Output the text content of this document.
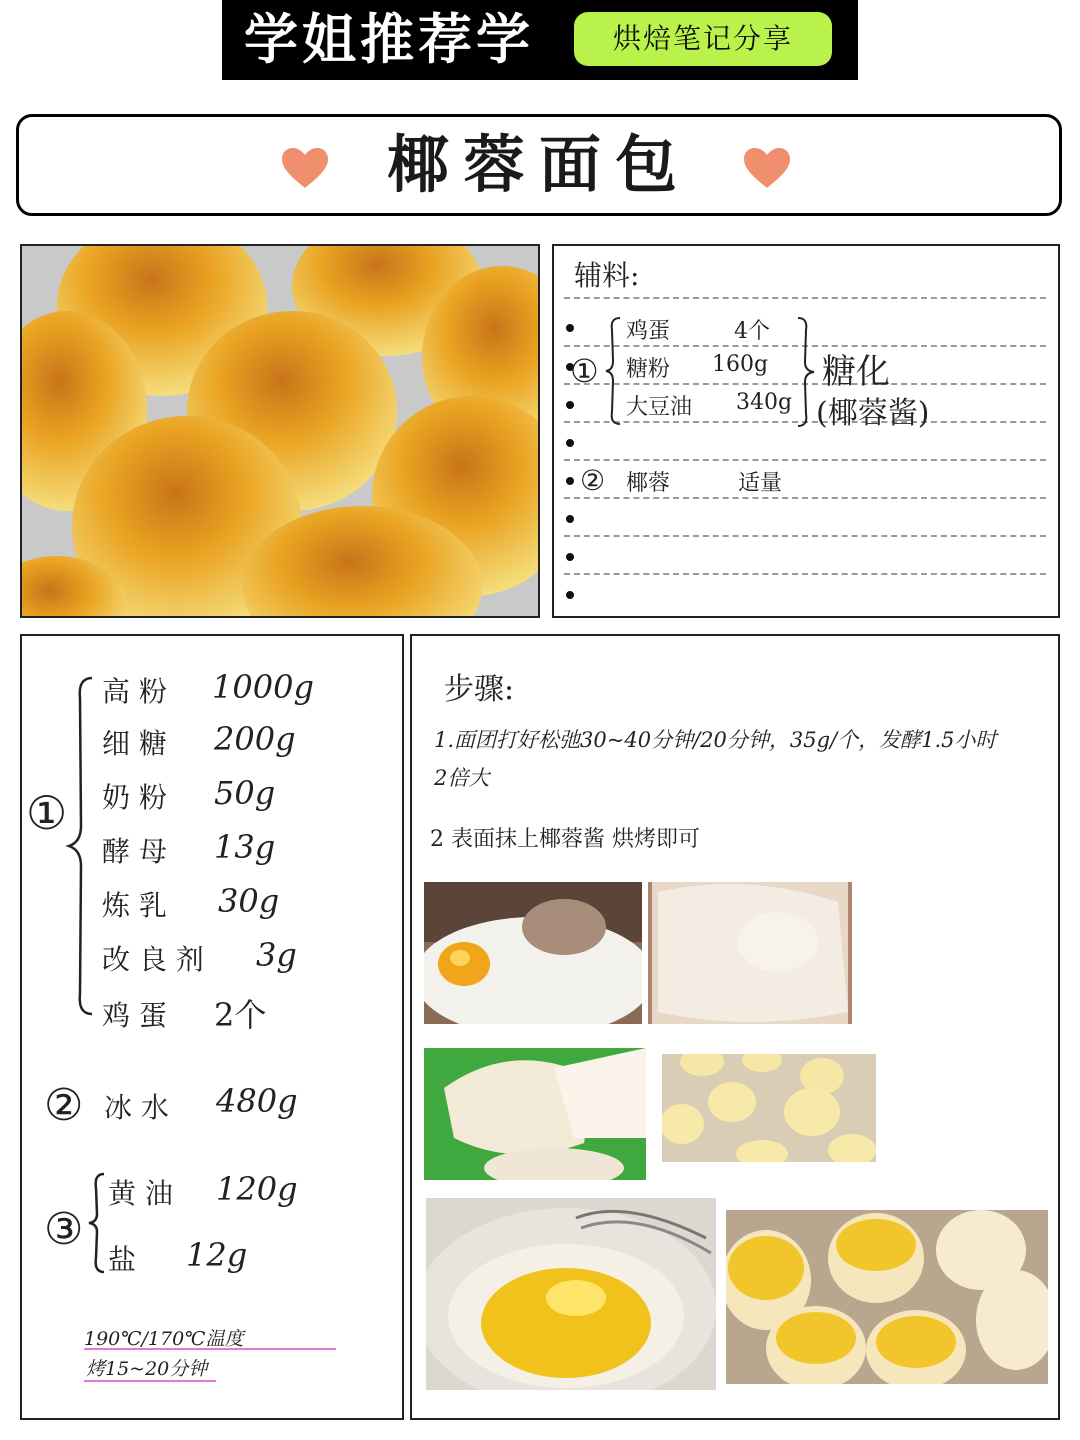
学姐推荐学	烘焙笔记分享
椰蓉面包
辅料:
①
鸡蛋	4个
糖粉 160g
大豆油 340g
糖化
(椰蓉酱)
② 椰蓉	适量
①
高 粉 1000g
细 糖 200g
奶 粉 50g
酵 母 13g
炼 乳 30g
改 良 剂 3g
鸡 蛋 2个
② 冰 水 480g
③
黄 油 120g
盐 12g
190℃/170℃温度
烤15~20分钟
步骤:
1.面团打好松弛30~40分钟/20分钟，35g/个，发酵1.5小时
2倍大
2 表面抹上椰蓉酱 烘烤即可
